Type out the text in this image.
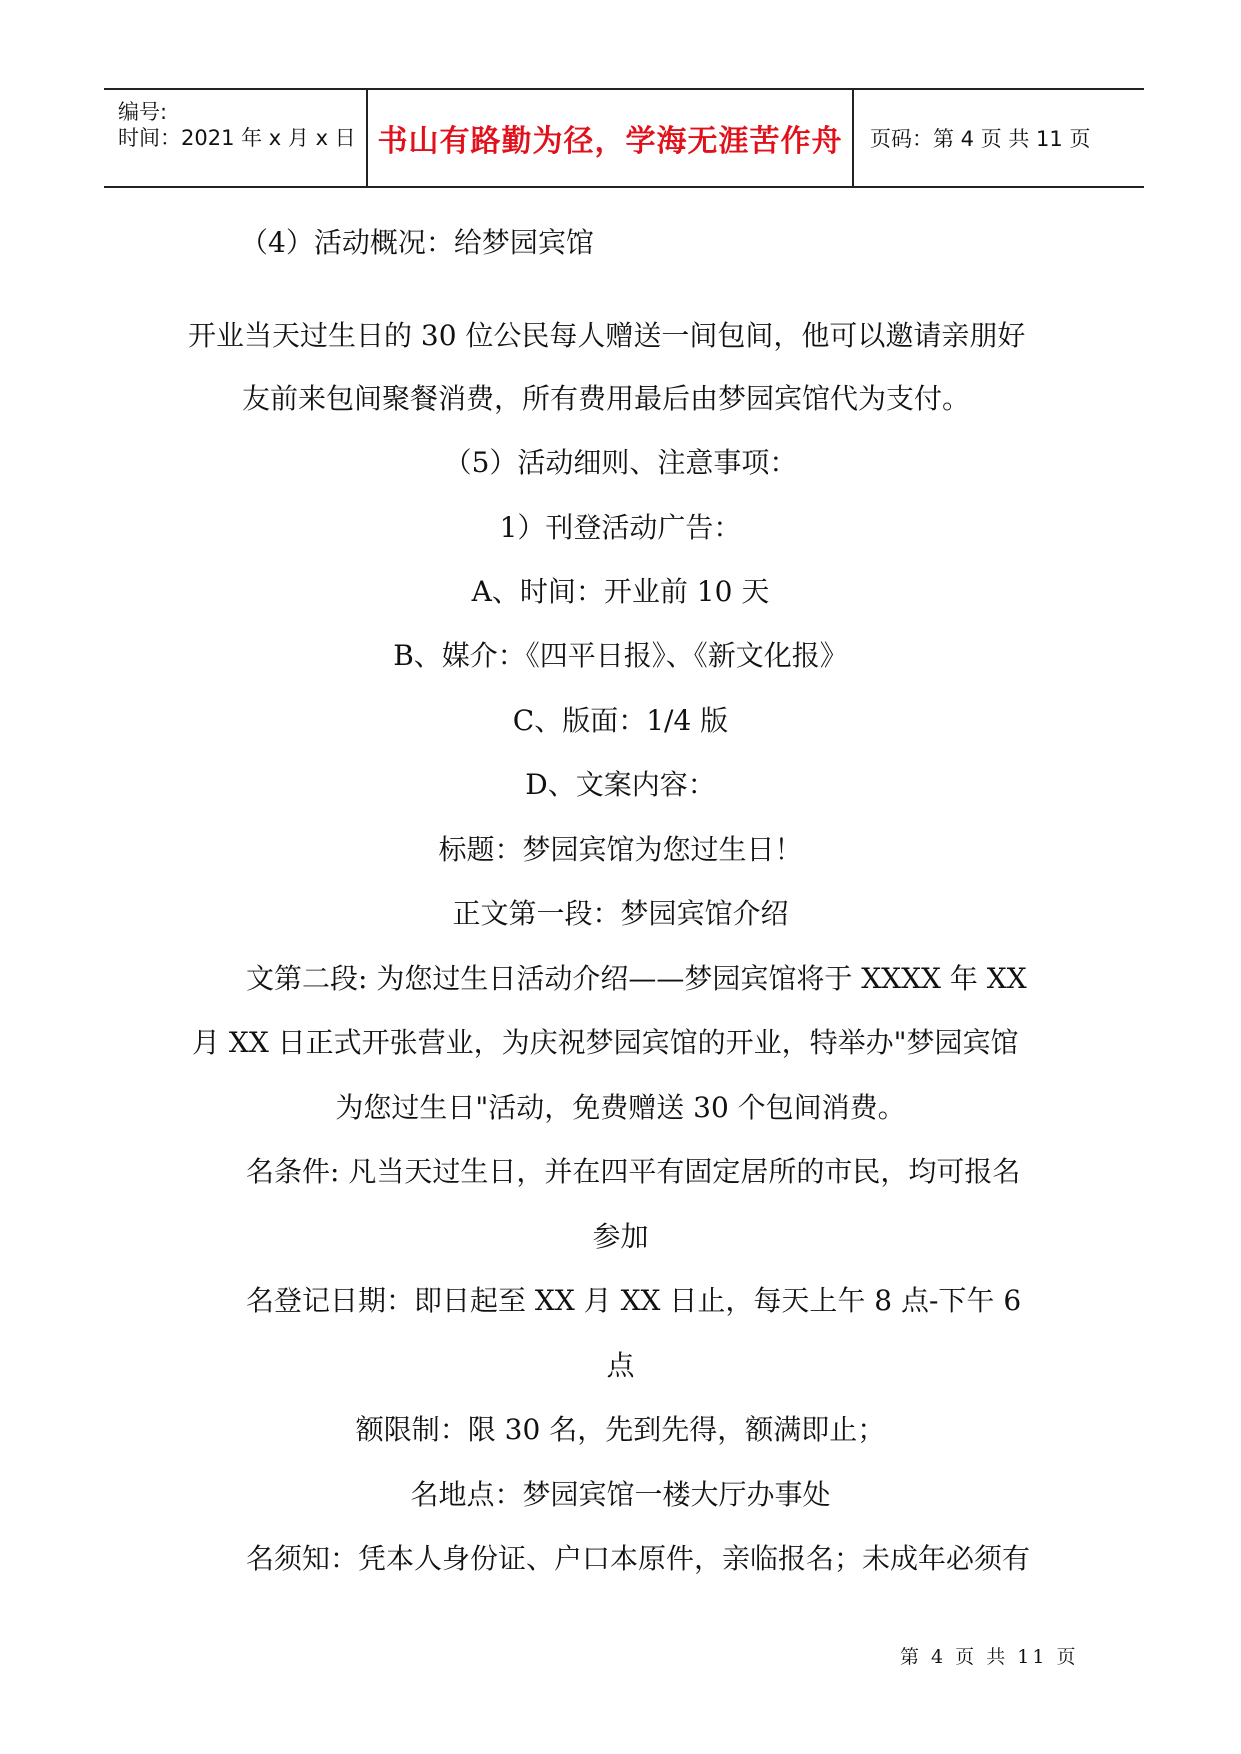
编号:
时间：2021 年 x 月 x 日 书山有路勤为径，学海无涯苦作舟 页码：第 4 页 共 11 页
（4）活动概况：给梦园宾馆
开业当天过生日的 30 位公民每人赠送一间包间，他可以邀请亲朋好
友前来包间聚餐消费，所有费用最后由梦园宾馆代为支付。
（5）活动细则、注意事项：
1）刊登活动广告：
A、时间：开业前 10 天
B、媒介：《四平日报》、《新文化报》
C、版面：1/4 版
D、文案内容：
标题：梦园宾馆为您过生日！
正文第一段：梦园宾馆介绍
文第二段: 为您过生日活动介绍——梦园宾馆将于 XXXX 年 XX
月 XX 日正式开张营业，为庆祝梦园宾馆的开业，特举办"梦园宾馆
为您过生日"活动，免费赠送 30 个包间消费。
名条件: 凡当天过生日，并在四平有固定居所的市民，均可报名
参加
名登记日期：即日起至 XX 月 XX 日止，每天上午 8 点-下午 6
点
额限制：限 30 名，先到先得，额满即止；
名地点：梦园宾馆一楼大厅办事处
名须知：凭本人身份证、户口本原件，亲临报名；未成年必须有
第 4 页 共 11 页
